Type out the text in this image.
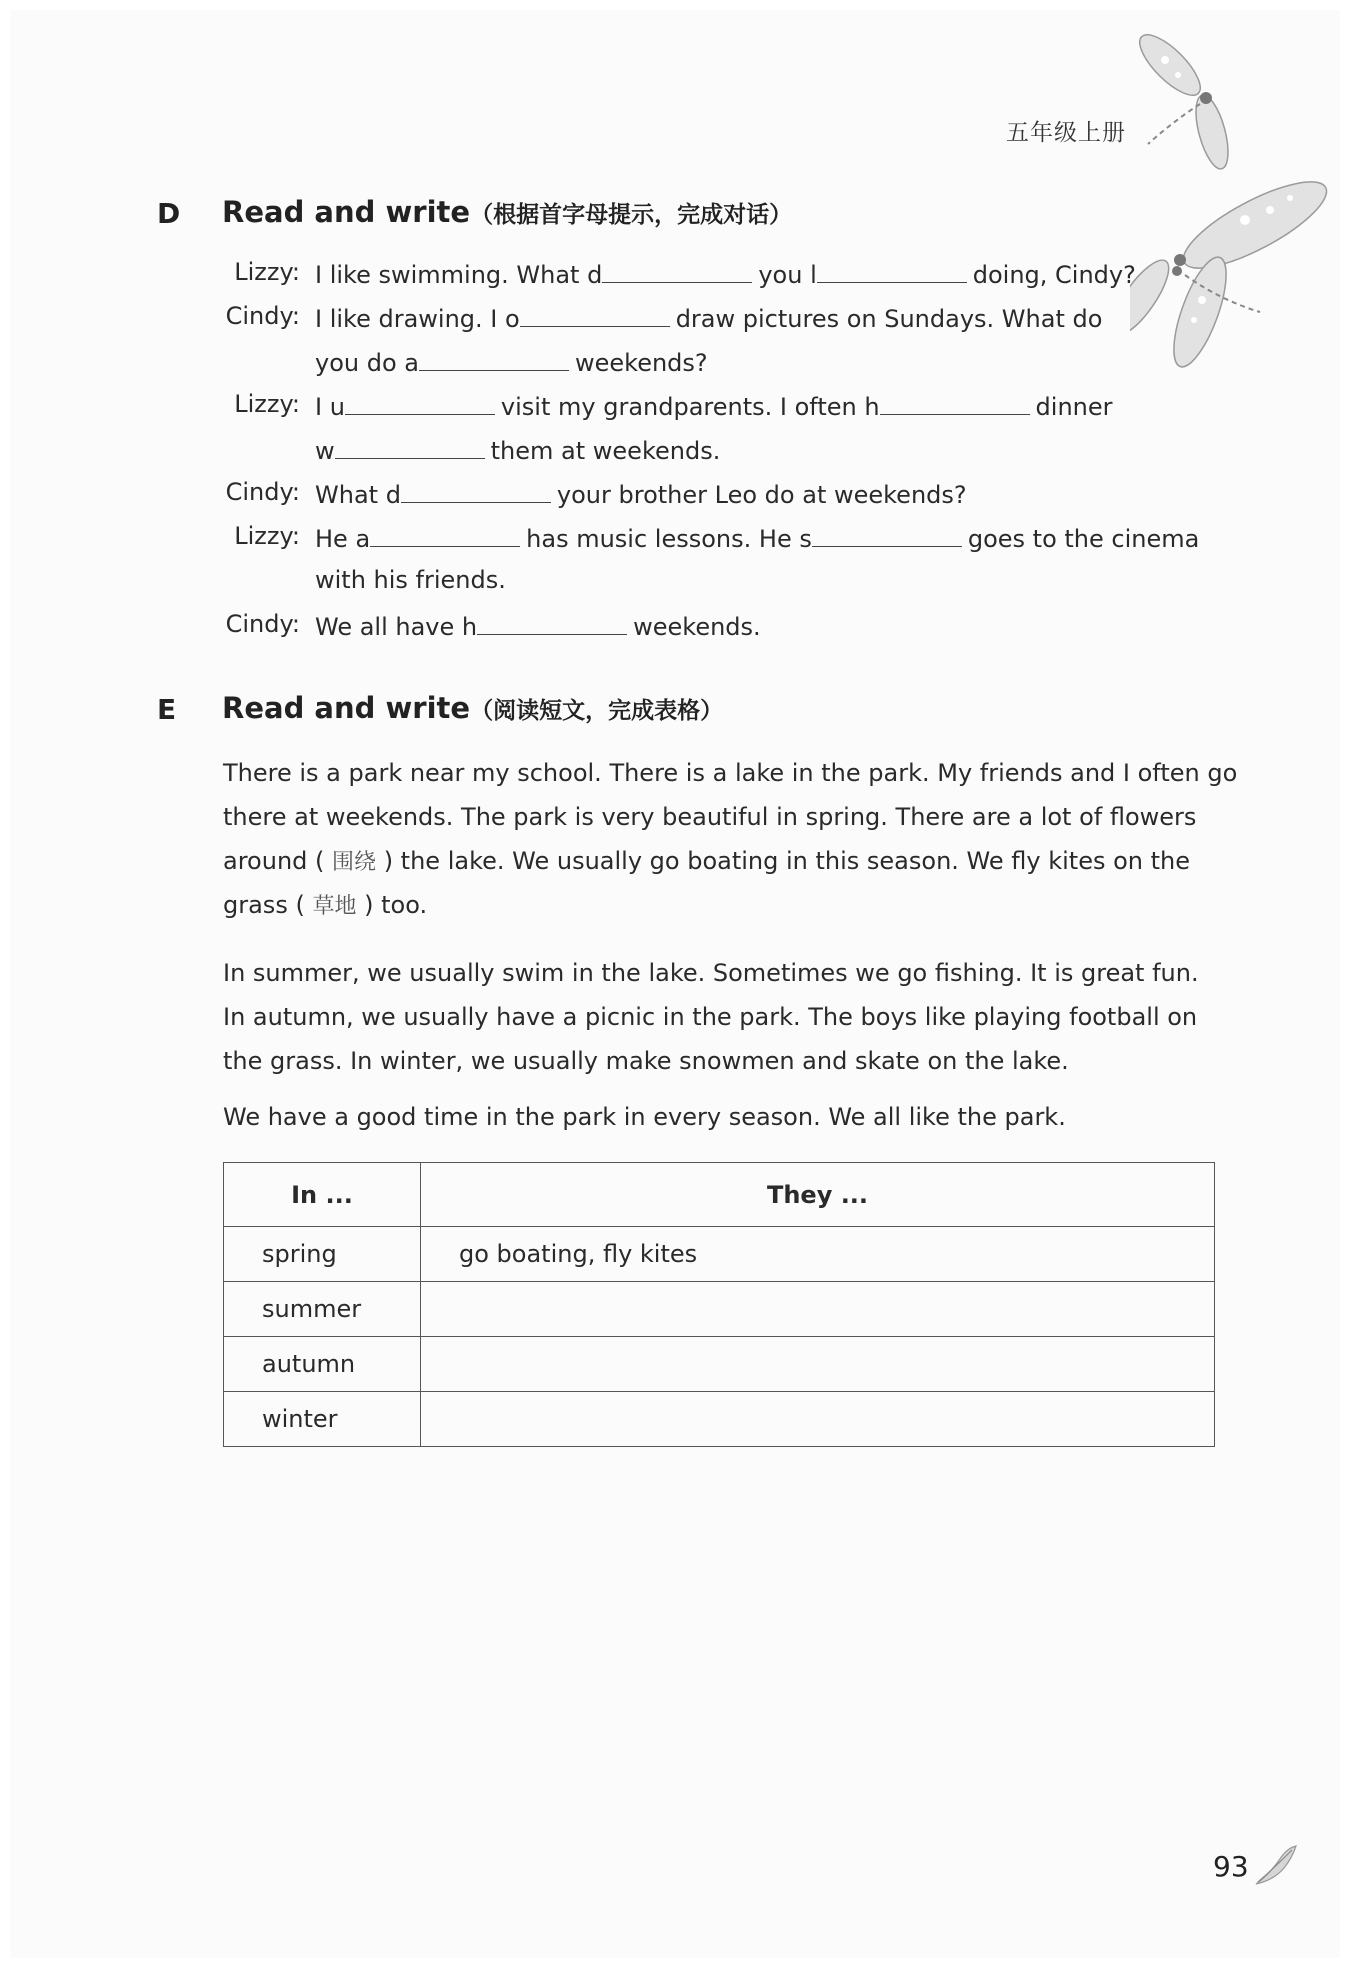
五年级上册
D Read and write（根据首字母提示，完成对话）
Lizzy: I like swimming. What d	you l	doing, Cindy?
Cindy: I like drawing. I o	draw pictures on Sundays. What do
you do a	weekends?
Lizzy: I u	visit my grandparents. I often h	dinner
w	them at weekends.
Cindy: What d	your brother Leo do at weekends?
Lizzy: He a	has music lessons. He s	goes to the cinema
with his friends.
Cindy: We all have h	weekends.
E Read and write（阅读短文，完成表格）
There is a park near my school. There is a lake in the park. My friends and I often go
there at weekends. The park is very beautiful in spring. There are a lot of flowers
around ( 围绕 ) the lake. We usually go boating in this season. We fly kites on the
grass ( 草地 ) too.
In summer, we usually swim in the lake. Sometimes we go fishing. It is great fun.
In autumn, we usually have a picnic in the park. The boys like playing football on
the grass. In winter, we usually make snowmen and skate on the lake.
We have a good time in the park in every season. We all like the park.
In ...	They ...
spring	go boating, fly kites
summer	
autumn	
winter	
93
